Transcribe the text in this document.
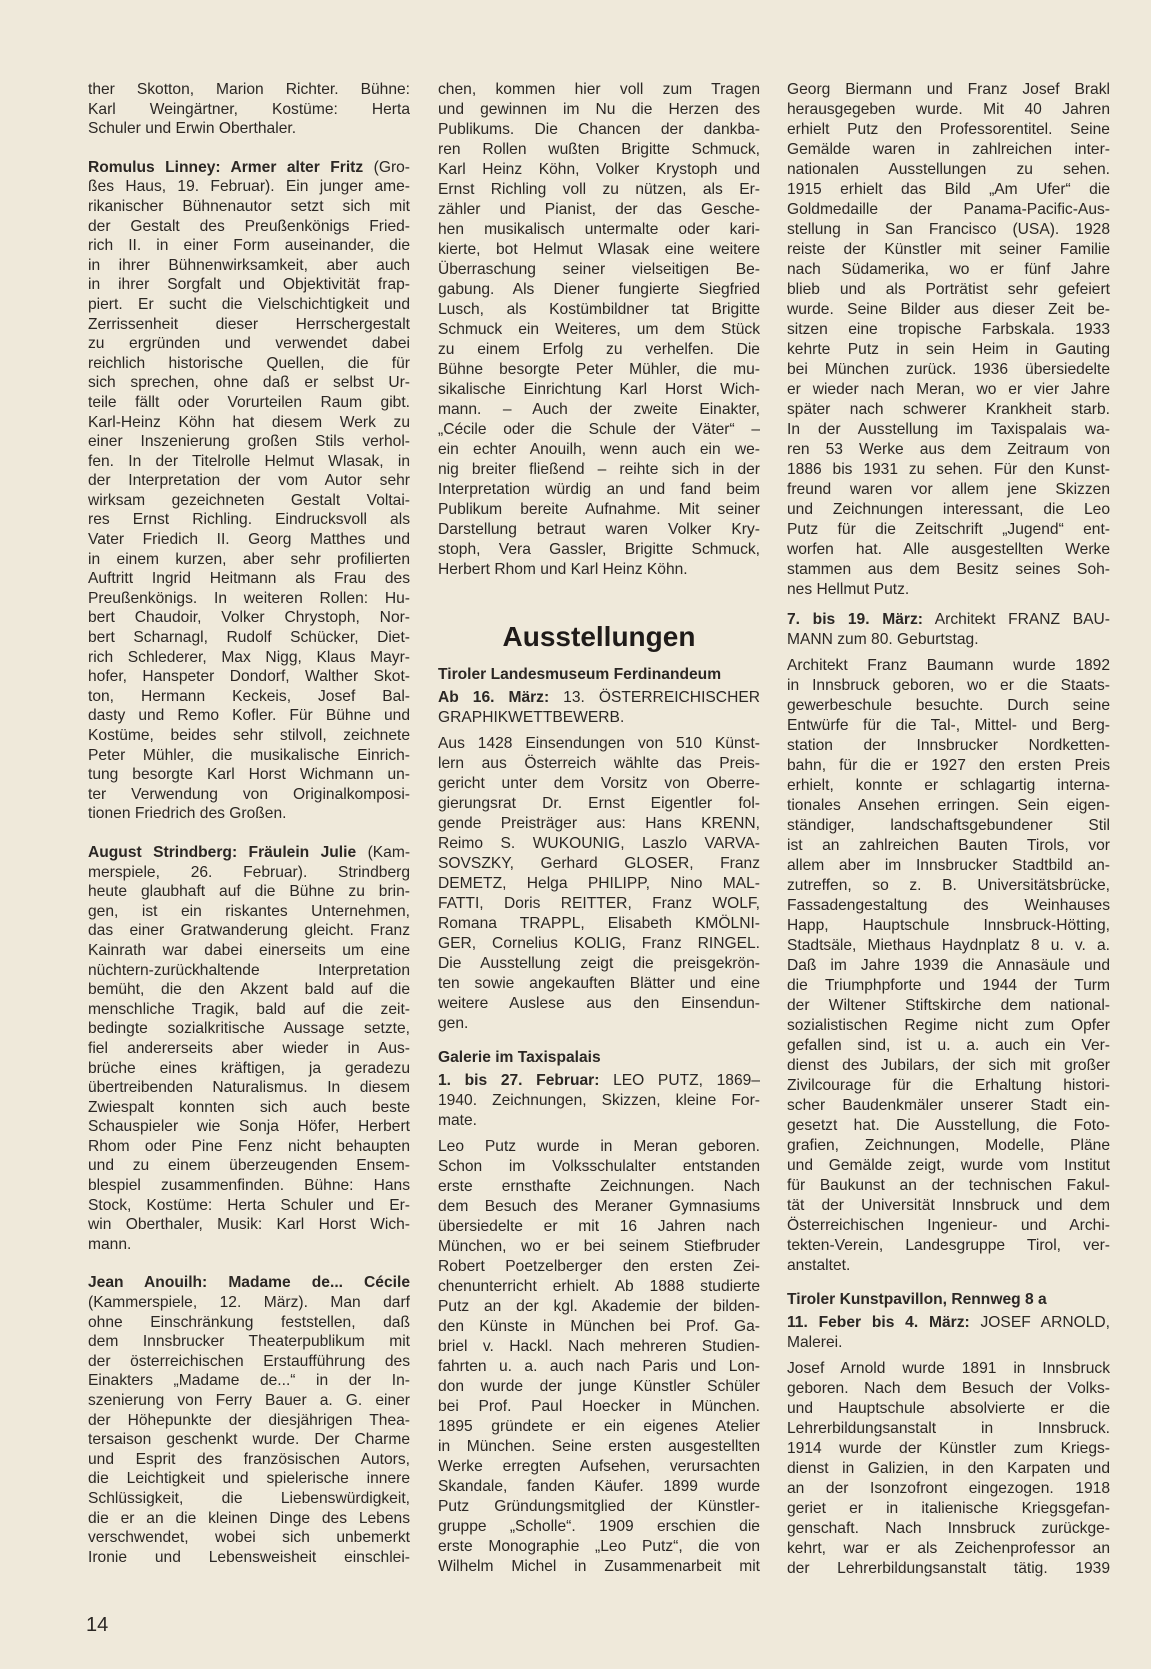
ther Skotton, Marion Richter. Bühne:
Karl Weingärtner, Kostüme: Herta
Schuler und Erwin Oberthaler.
Romulus Linney: Armer alter Fritz (Gro-
ßes Haus, 19. Februar). Ein junger ame-
rikanischer Bühnenautor setzt sich mit
der Gestalt des Preußenkönigs Fried-
rich II. in einer Form auseinander, die
in ihrer Bühnenwirksamkeit, aber auch
in ihrer Sorgfalt und Objektivität frap-
piert. Er sucht die Vielschichtigkeit und
Zerrissenheit dieser Herrschergestalt
zu ergründen und verwendet dabei
reichlich historische Quellen, die für
sich sprechen, ohne daß er selbst Ur-
teile fällt oder Vorurteilen Raum gibt.
Karl-Heinz Köhn hat diesem Werk zu
einer Inszenierung großen Stils verhol-
fen. In der Titelrolle Helmut Wlasak, in
der Interpretation der vom Autor sehr
wirksam gezeichneten Gestalt Voltai-
res Ernst Richling. Eindrucksvoll als
Vater Friedich II. Georg Matthes und
in einem kurzen, aber sehr profilierten
Auftritt Ingrid Heitmann als Frau des
Preußenkönigs. In weiteren Rollen: Hu-
bert Chaudoir, Volker Chrystoph, Nor-
bert Scharnagl, Rudolf Schücker, Diet-
rich Schlederer, Max Nigg, Klaus Mayr-
hofer, Hanspeter Dondorf, Walther Skot-
ton, Hermann Keckeis, Josef Bal-
dasty und Remo Kofler. Für Bühne und
Kostüme, beides sehr stilvoll, zeichnete
Peter Mühler, die musikalische Einrich-
tung besorgte Karl Horst Wichmann un-
ter Verwendung von Originalkomposi-
tionen Friedrich des Großen.
August Strindberg: Fräulein Julie (Kam-
merspiele, 26. Februar). Strindberg
heute glaubhaft auf die Bühne zu brin-
gen, ist ein riskantes Unternehmen,
das einer Gratwanderung gleicht. Franz
Kainrath war dabei einerseits um eine
nüchtern-zurückhaltende Interpretation
bemüht, die den Akzent bald auf die
menschliche Tragik, bald auf die zeit-
bedingte sozialkritische Aussage setzte,
fiel andererseits aber wieder in Aus-
brüche eines kräftigen, ja geradezu
übertreibenden Naturalismus. In diesem
Zwiespalt konnten sich auch beste
Schauspieler wie Sonja Höfer, Herbert
Rhom oder Pine Fenz nicht behaupten
und zu einem überzeugenden Ensem-
blespiel zusammenfinden. Bühne: Hans
Stock, Kostüme: Herta Schuler und Er-
win Oberthaler, Musik: Karl Horst Wich-
mann.
Jean Anouilh: Madame de... Cécile
(Kammerspiele, 12. März). Man darf
ohne Einschränkung feststellen, daß
dem Innsbrucker Theaterpublikum mit
der österreichischen Erstaufführung des
Einakters „Madame de...“ in der In-
szenierung von Ferry Bauer a. G. einer
der Höhepunkte der diesjährigen Thea-
tersaison geschenkt wurde. Der Charme
und Esprit des französischen Autors,
die Leichtigkeit und spielerische innere
Schlüssigkeit, die Liebenswürdigkeit,
die er an die kleinen Dinge des Lebens
verschwendet, wobei sich unbemerkt
Ironie und Lebensweisheit einschlei-
chen, kommen hier voll zum Tragen
und gewinnen im Nu die Herzen des
Publikums. Die Chancen der dankba-
ren Rollen wußten Brigitte Schmuck,
Karl Heinz Köhn, Volker Krystoph und
Ernst Richling voll zu nützen, als Er-
zähler und Pianist, der das Gesche-
hen musikalisch untermalte oder kari-
kierte, bot Helmut Wlasak eine weitere
Überraschung seiner vielseitigen Be-
gabung. Als Diener fungierte Siegfried
Lusch, als Kostümbildner tat Brigitte
Schmuck ein Weiteres, um dem Stück
zu einem Erfolg zu verhelfen. Die
Bühne besorgte Peter Mühler, die mu-
sikalische Einrichtung Karl Horst Wich-
mann. – Auch der zweite Einakter,
„Cécile oder die Schule der Väter“ –
ein echter Anouilh, wenn auch ein we-
nig breiter fließend – reihte sich in der
Interpretation würdig an und fand beim
Publikum bereite Aufnahme. Mit seiner
Darstellung betraut waren Volker Kry-
stoph, Vera Gassler, Brigitte Schmuck,
Herbert Rhom und Karl Heinz Köhn.
Ausstellungen
Tiroler Landesmuseum Ferdinandeum
Ab 16. März: 13. ÖSTERREICHISCHER
GRAPHIKWETTBEWERB.
Aus 1428 Einsendungen von 510 Künst-
lern aus Österreich wählte das Preis-
gericht unter dem Vorsitz von Oberre-
gierungsrat Dr. Ernst Eigentler fol-
gende Preisträger aus: Hans KRENN,
Reimo S. WUKOUNIG, Laszlo VARVA-
SOVSZKY, Gerhard GLOSER, Franz
DEMETZ, Helga PHILIPP, Nino MAL-
FATTI, Doris REITTER, Franz WOLF,
Romana TRAPPL, Elisabeth KMÖLNI-
GER, Cornelius KOLIG, Franz RINGEL.
Die Ausstellung zeigt die preisgekrön-
ten sowie angekauften Blätter und eine
weitere Auslese aus den Einsendun-
gen.
Galerie im Taxispalais
1. bis 27. Februar: LEO PUTZ, 1869–
1940. Zeichnungen, Skizzen, kleine For-
mate.
Leo Putz wurde in Meran geboren.
Schon im Volksschulalter entstanden
erste ernsthafte Zeichnungen. Nach
dem Besuch des Meraner Gymnasiums
übersiedelte er mit 16 Jahren nach
München, wo er bei seinem Stiefbruder
Robert Poetzelberger den ersten Zei-
chenunterricht erhielt. Ab 1888 studierte
Putz an der kgl. Akademie der bilden-
den Künste in München bei Prof. Ga-
briel v. Hackl. Nach mehreren Studien-
fahrten u. a. auch nach Paris und Lon-
don wurde der junge Künstler Schüler
bei Prof. Paul Hoecker in München.
1895 gründete er ein eigenes Atelier
in München. Seine ersten ausgestellten
Werke erregten Aufsehen, verursachten
Skandale, fanden Käufer. 1899 wurde
Putz Gründungsmitglied der Künstler-
gruppe „Scholle“. 1909 erschien die
erste Monographie „Leo Putz“, die von
Wilhelm Michel in Zusammenarbeit mit
Georg Biermann und Franz Josef Brakl
herausgegeben wurde. Mit 40 Jahren
erhielt Putz den Professorentitel. Seine
Gemälde waren in zahlreichen inter-
nationalen Ausstellungen zu sehen.
1915 erhielt das Bild „Am Ufer“ die
Goldmedaille der Panama-Pacific-Aus-
stellung in San Francisco (USA). 1928
reiste der Künstler mit seiner Familie
nach Südamerika, wo er fünf Jahre
blieb und als Porträtist sehr gefeiert
wurde. Seine Bilder aus dieser Zeit be-
sitzen eine tropische Farbskala. 1933
kehrte Putz in sein Heim in Gauting
bei München zurück. 1936 übersiedelte
er wieder nach Meran, wo er vier Jahre
später nach schwerer Krankheit starb.
In der Ausstellung im Taxispalais wa-
ren 53 Werke aus dem Zeitraum von
1886 bis 1931 zu sehen. Für den Kunst-
freund waren vor allem jene Skizzen
und Zeichnungen interessant, die Leo
Putz für die Zeitschrift „Jugend“ ent-
worfen hat. Alle ausgestellten Werke
stammen aus dem Besitz seines Soh-
nes Hellmut Putz.
7. bis 19. März: Architekt FRANZ BAU-
MANN zum 80. Geburtstag.
Architekt Franz Baumann wurde 1892
in Innsbruck geboren, wo er die Staats-
gewerbeschule besuchte. Durch seine
Entwürfe für die Tal-, Mittel- und Berg-
station der Innsbrucker Nordketten-
bahn, für die er 1927 den ersten Preis
erhielt, konnte er schlagartig interna-
tionales Ansehen erringen. Sein eigen-
ständiger, landschaftsgebundener Stil
ist an zahlreichen Bauten Tirols, vor
allem aber im Innsbrucker Stadtbild an-
zutreffen, so z. B. Universitätsbrücke,
Fassadengestaltung des Weinhauses
Happ, Hauptschule Innsbruck-Hötting,
Stadtsäle, Miethaus Haydnplatz 8 u. v. a.
Daß im Jahre 1939 die Annasäule und
die Triumphpforte und 1944 der Turm
der Wiltener Stiftskirche dem national-
sozialistischen Regime nicht zum Opfer
gefallen sind, ist u. a. auch ein Ver-
dienst des Jubilars, der sich mit großer
Zivilcourage für die Erhaltung histori-
scher Baudenkmäler unserer Stadt ein-
gesetzt hat. Die Ausstellung, die Foto-
grafien, Zeichnungen, Modelle, Pläne
und Gemälde zeigt, wurde vom Institut
für Baukunst an der technischen Fakul-
tät der Universität Innsbruck und dem
Österreichischen Ingenieur- und Archi-
tekten-Verein, Landesgruppe Tirol, ver-
anstaltet.
Tiroler Kunstpavillon, Rennweg 8 a
11. Feber bis 4. März: JOSEF ARNOLD,
Malerei.
Josef Arnold wurde 1891 in Innsbruck
geboren. Nach dem Besuch der Volks-
und Hauptschule absolvierte er die
Lehrerbildungsanstalt in Innsbruck.
1914 wurde der Künstler zum Kriegs-
dienst in Galizien, in den Karpaten und
an der Isonzofront eingezogen. 1918
geriet er in italienische Kriegsgefan-
genschaft. Nach Innsbruck zurückge-
kehrt, war er als Zeichenprofessor an
der Lehrerbildungsanstalt tätig. 1939
14
